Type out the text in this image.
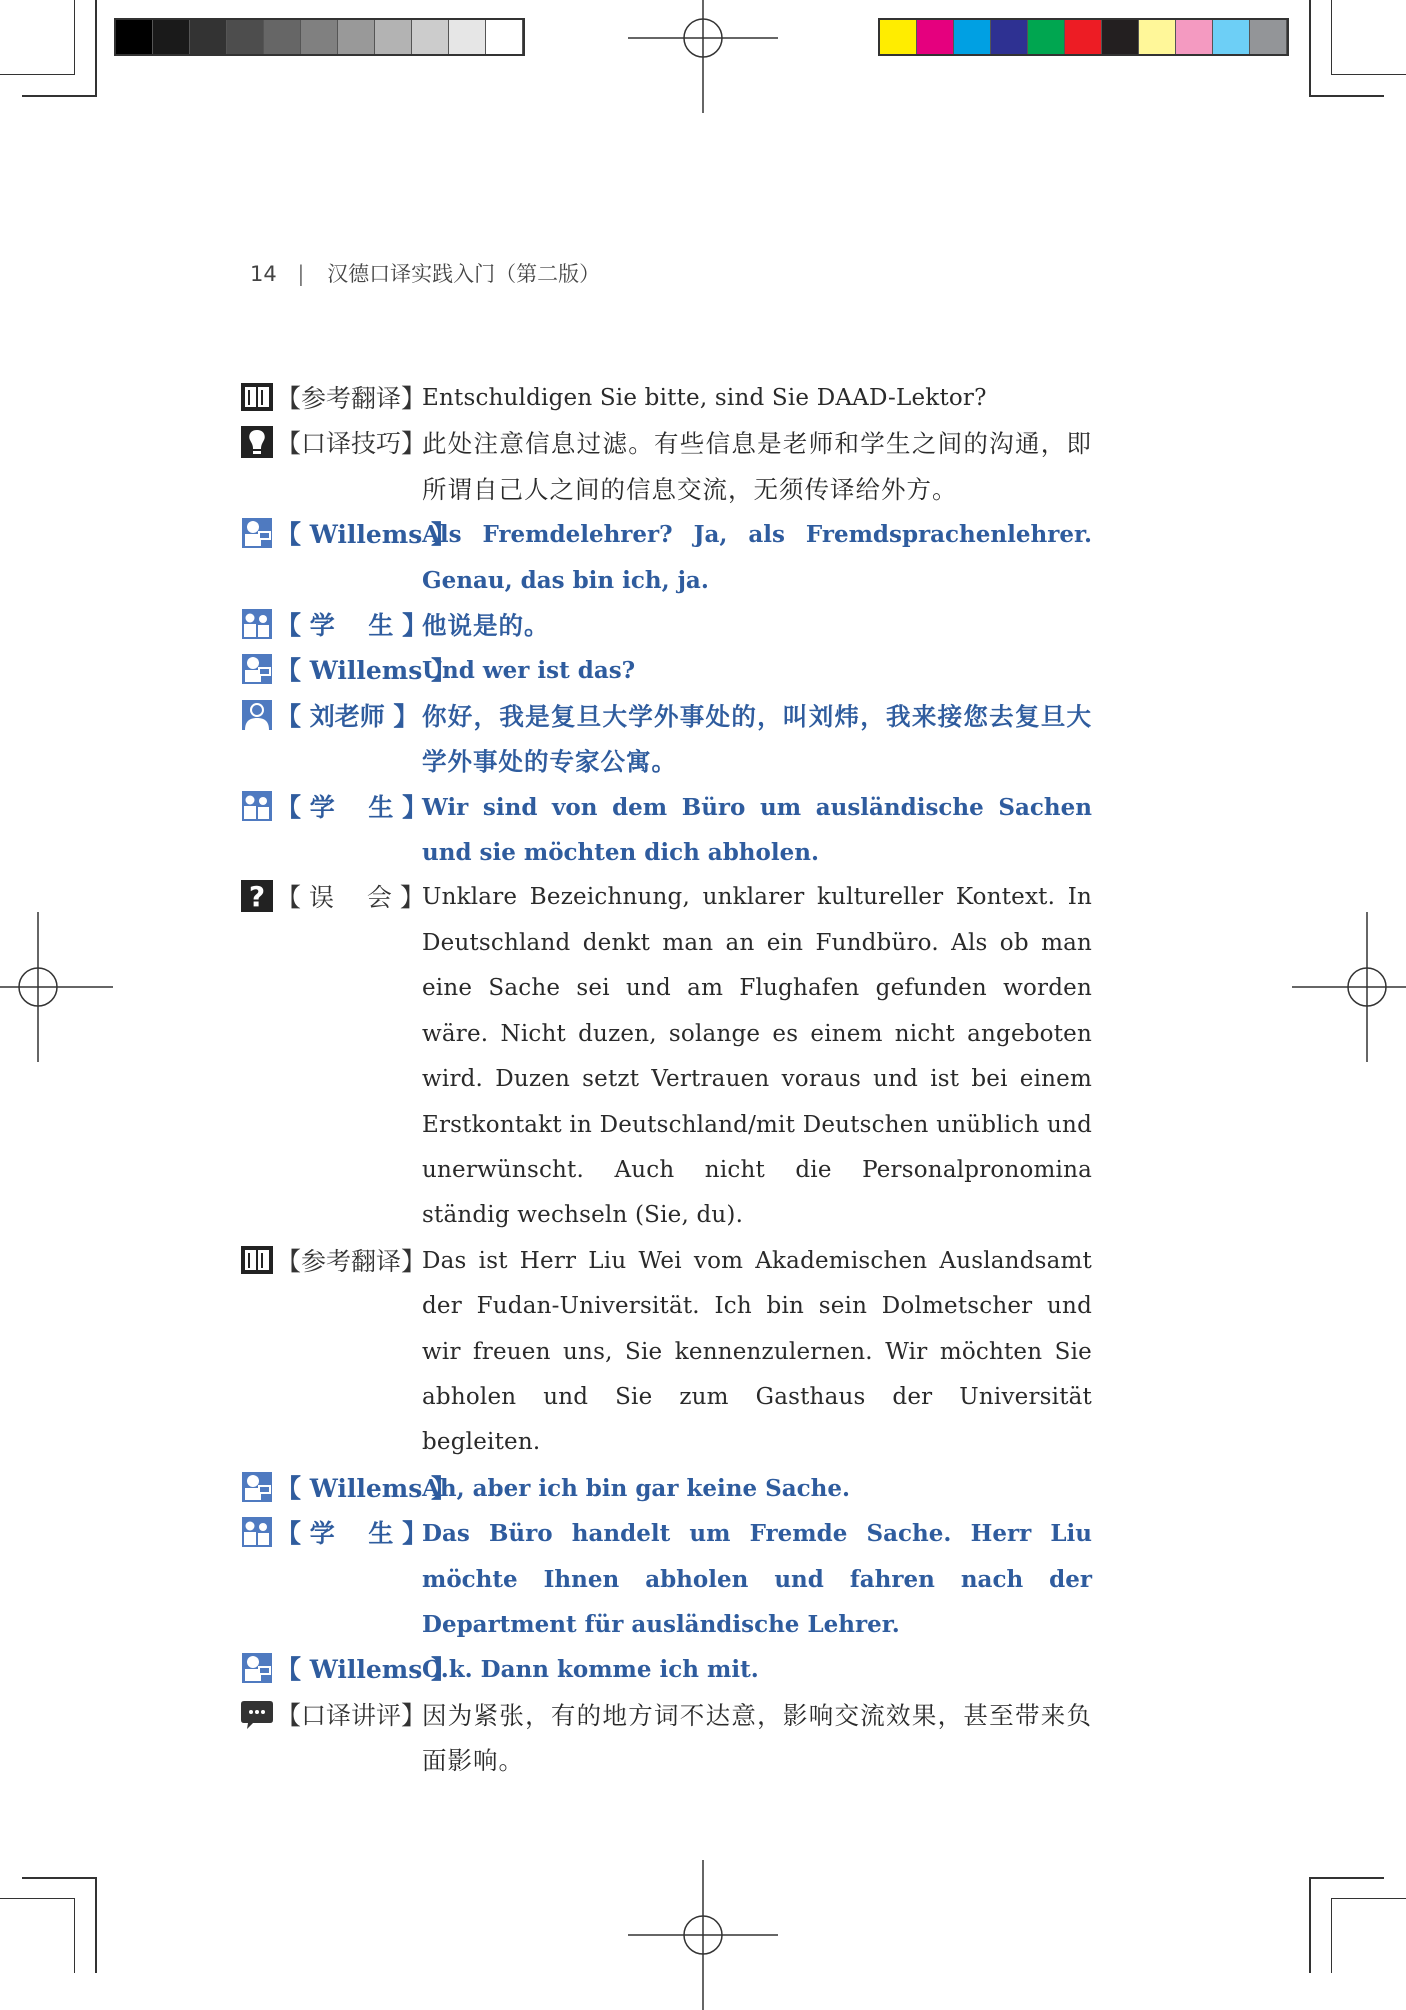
14 | 汉德口译实践入门（第二版）
【参考翻译】
Entschuldigen Sie bitte, sind Sie DAAD-Lektor?
【口译技巧】
此处注意信息过滤。有些信息是老师和学生之间的沟通，即所谓自己人之间的信息交流，无须传译给外方。
【 Willems 】
Als Fremdelehrer? Ja, als Fremdsprachenlehrer. Genau, das bin ich, ja.
【 学　 生 】
他说是的。
【 Willems 】
Und wer ist das?
【 刘老师 】 你好，我是复旦大学外事处的，叫刘炜，我来接您去复旦大学外事处的专家公寓。
【 学　 生 】
Wir sind von dem Büro um ausländische Sachen und sie möchten dich abholen.
? 【 误　 会 】
Unklare Bezeichnung, unklarer kultureller Kontext. In Deutschland denkt man an ein Fundbüro. Als ob man eine Sache sei und am Flughafen gefunden worden wäre. Nicht duzen, solange es einem nicht angeboten wird. Duzen setzt Vertrauen voraus und ist bei einem Erstkontakt in Deutschland/mit Deutschen unüblich und unerwünscht. Auch nicht die Personalpronomina ständig wechseln (Sie, du).
【参考翻译】
Das ist Herr Liu Wei vom Akademischen Auslandsamt der Fudan-Universität. Ich bin sein Dolmetscher und wir freuen uns, Sie kennenzulernen. Wir möchten Sie abholen und Sie zum Gasthaus der Universität begleiten.
【 Willems 】
Ah, aber ich bin gar keine Sache.
【 学　 生 】
Das Büro handelt um Fremde Sache. Herr Liu möchte Ihnen abholen und fahren nach der Department für ausländische Lehrer.
【 Willems 】
O.k. Dann komme ich mit.
【口译讲评】
因为紧张，有的地方词不达意，影响交流效果，甚至带来负面影响。
